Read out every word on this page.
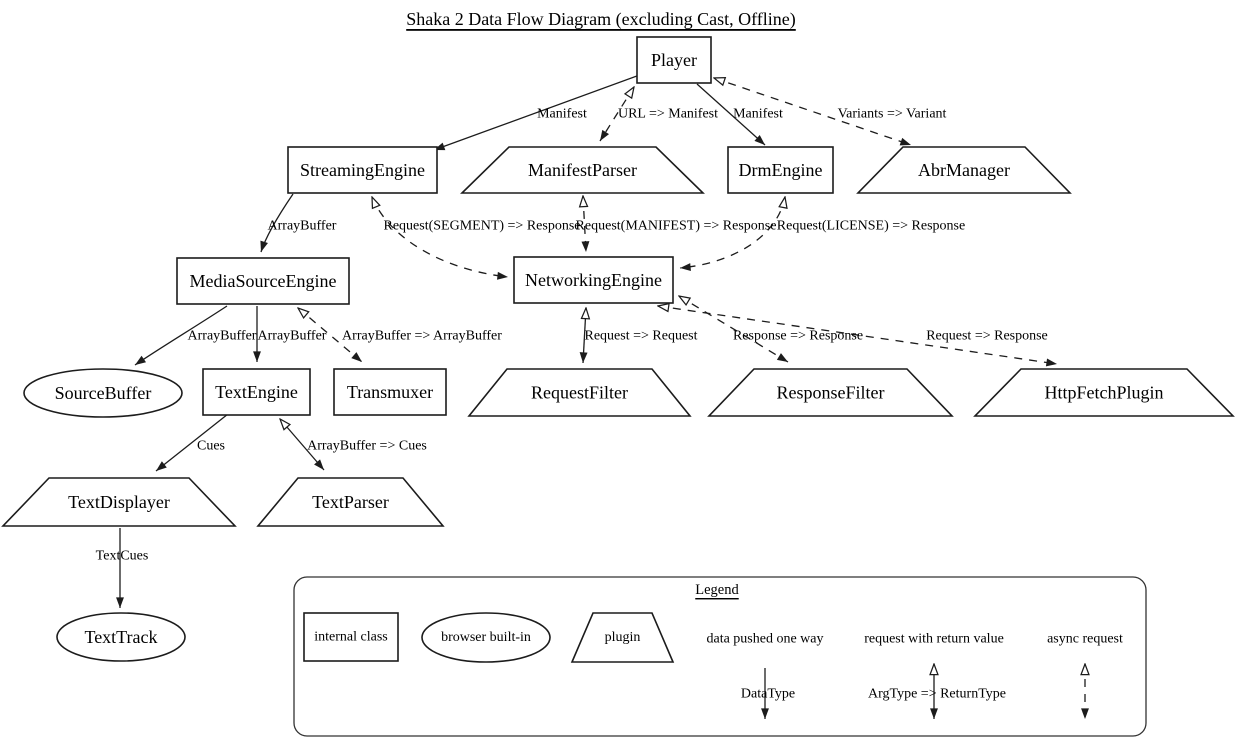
Shaka 2 Data Flow Diagram (excluding Cast, Offline)
Player
StreamingEngine	ManifestParser	DrmEngine	AbrManager
MediaSourceEngine	NetworkingEngine
SourceBuffer	TextEngine	Transmuxer	RequestFilter	ResponseFilter	HttpFetchPlugin
TextDisplayer	TextParser
TextTrack
Manifest URL => Manifest Manifest	Variants => Variant
ArrayBuffer	Request(SEGMENT) => Response
Request(MANIFEST) => Response Request(LICENSE) => Response
ArrayBuffer ArrayBuffer ArrayBuffer => ArrayBuffer	Request => Request	Response => Response	Request => Response
Cues	ArrayBuffer => Cues
TextCues
Legend
internal class	browser built-in	plugin	data pushed one way
DataType
request with return value
ArgType => ReturnType
async request
